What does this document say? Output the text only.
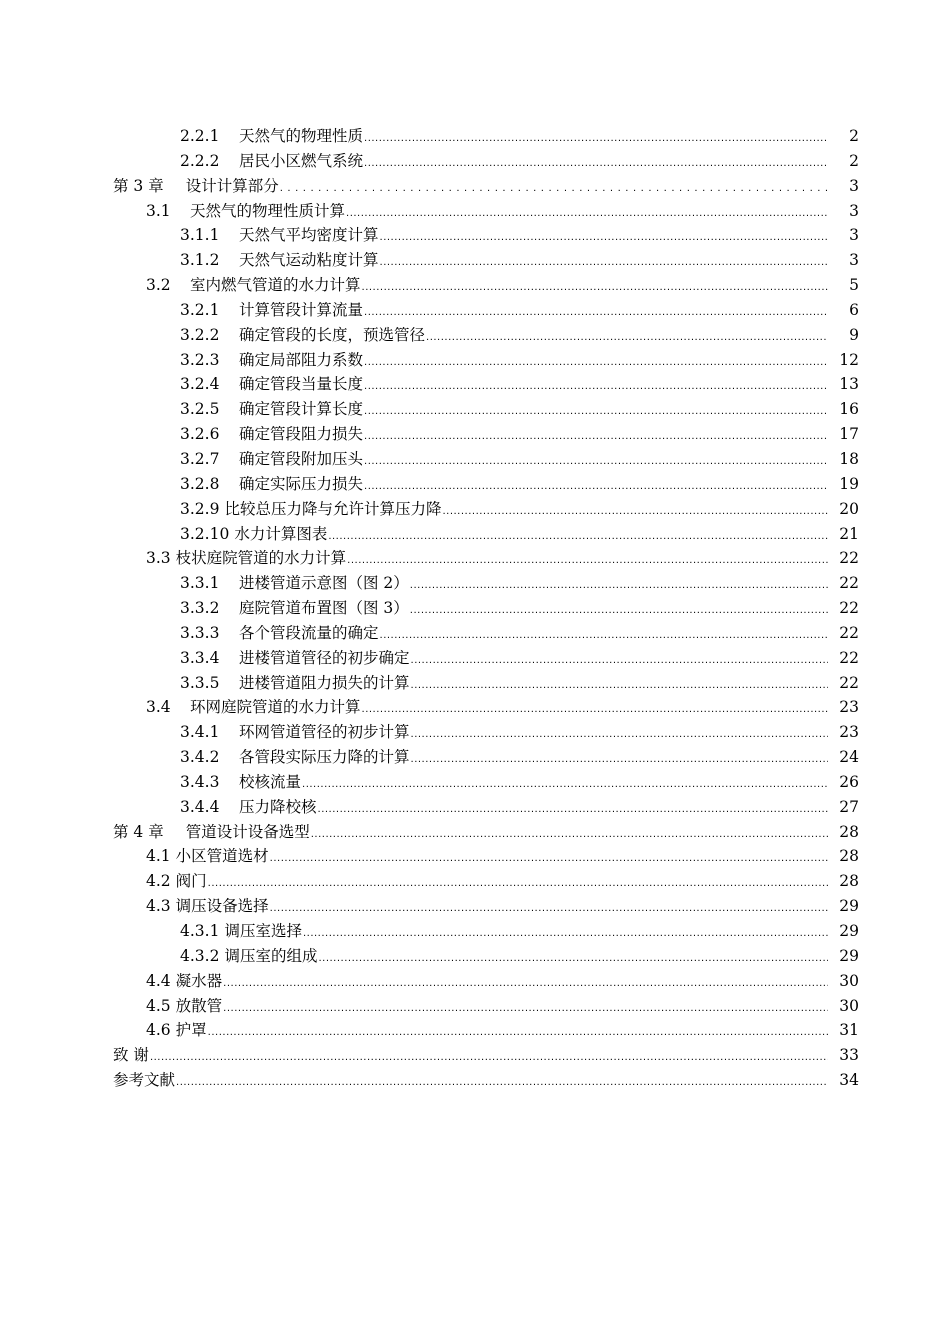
2.2.1 天然气的物理性质 .....	2
2.2.2 居民小区燃气系统 .....	2
第 3 章 设计计算部分 .....	3
3.1 天然气的物理性质计算 .....	3
3.1.1 天然气平均密度计算 .....	3
3.1.2 天然气运动粘度计算 .....	3
3.2 室内燃气管道的水力计算 .....	5
3.2.1 计算管段计算流量 .....	6
3.2.2 确定管段的长度，预选管径 .....	9
3.2.3 确定局部阻力系数 .....	12
3.2.4 确定管段当量长度 .....	13
3.2.5 确定管段计算长度 .....	16
3.2.6 确定管段阻力损失 .....	17
3.2.7 确定管段附加压头 .....	18
3.2.8 确定实际压力损失 .....	19
3.2.9 比较总压力降与允许计算压力降 .....	20
3.2.10 水力计算图表 .....	21
3.3 枝状庭院管道的水力计算 .....	22
3.3.1 进楼管道示意图（图 2） .....	22
3.3.2 庭院管道布置图（图 3） .....	22
3.3.3 各个管段流量的确定 .....	22
3.3.4 进楼管道管径的初步确定 .....	22
3.3.5 进楼管道阻力损失的计算 .....	22
3.4 环网庭院管道的水力计算 .....	23
3.4.1 环网管道管径的初步计算 .....	23
3.4.2 各管段实际压力降的计算 .....	24
3.4.3 校核流量 .....	26
3.4.4 压力降校核 .....	27
第 4 章 管道设计设备选型 .....	28
4.1 小区管道选材 .....	28
4.2 阀门 .....	28
4.3 调压设备选择 .....	29
4.3.1 调压室选择 .....	29
4.3.2 调压室的组成 .....	29
4.4 凝水器 .....	30
4.5 放散管 .....	30
4.6 护罩 .....	31
致 谢 .....	33
参考文献 .....	34
